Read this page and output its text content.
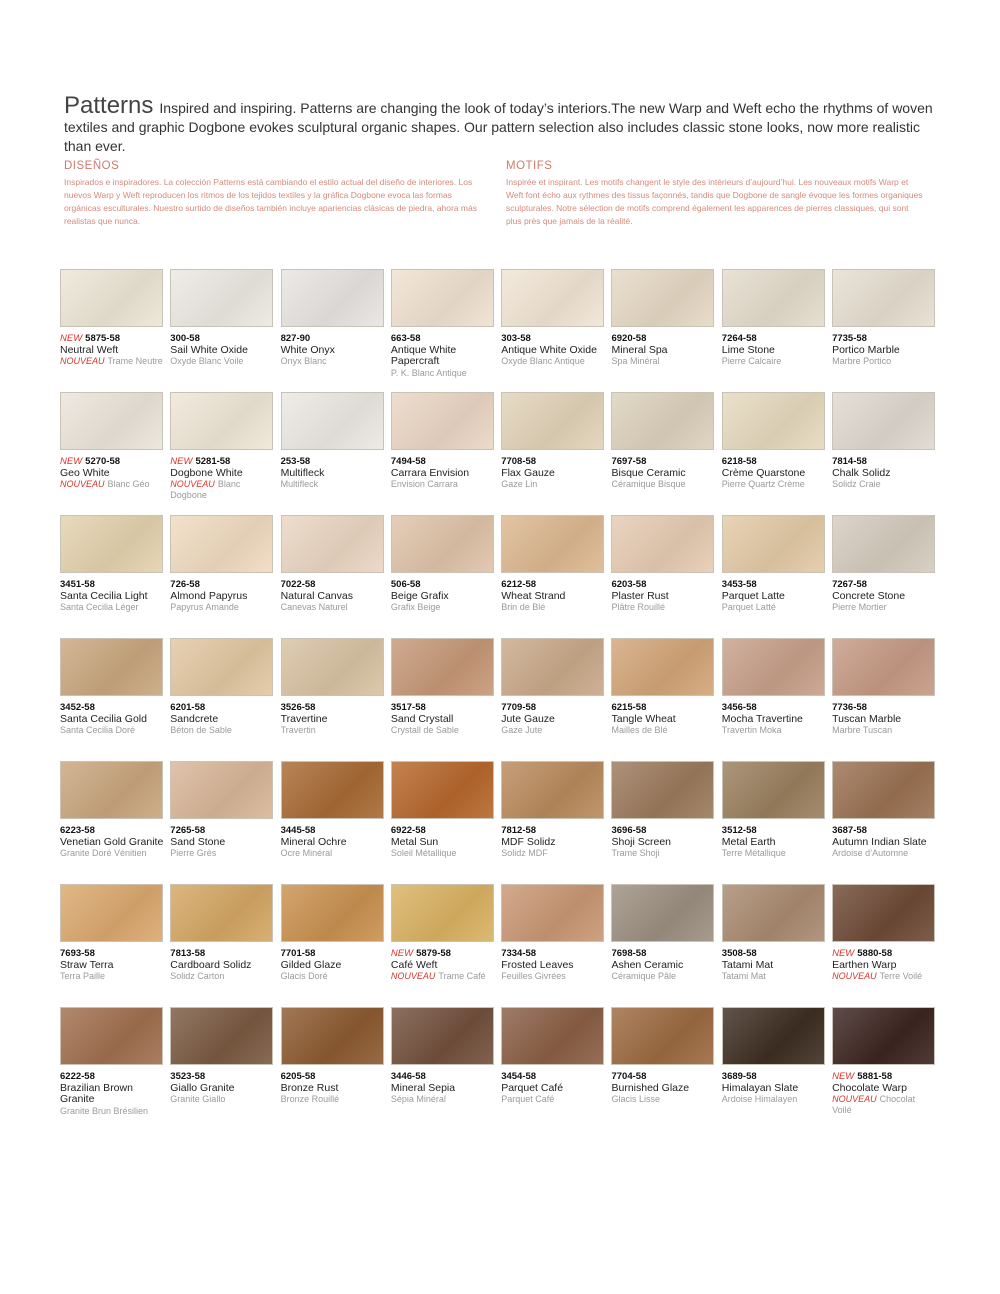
Patterns Inspired and inspiring. Patterns are changing the look of today’s interiors.The new Warp and Weft echo the rhythms of woven textiles and graphic Dogbone evokes sculptural organic shapes. Our pattern selection also includes classic stone looks, now more realistic than ever.
DISEÑOS
Inspirados e inspiradores. La colección Patterns está cambiando el estilo actual del diseño de interiores. Los nuevos Warp y Weft reproducen los ritmos de los tejidos textiles y la gráfica Dogbone evoca las formas orgánicas esculturales. Nuestro surtido de diseños también incluye apariencias clásicas de piedra, ahora más realistas que nunca.
MOTIFS
Inspirée et inspirant. Les motifs changent le style des intérieurs d’aujourd’hui. Les nouveaux motifs Warp et Weft font écho aux rythmes des tissus façonnés, tandis que Dogbone de sangle évoque les formes organiques sculpturales. Notre sélection de motifs comprend également les apparences de pierres classiques, qui sont plus près que jamais de la réalité.
NEW 5875-58
Neutral Weft
NOUVEAU Trame Neutre
300-58
Sail White Oxide
Oxyde Blanc Voile
827-90
White Onyx
Onyx Blanc
663-58
Antique White Papercraft
P. K. Blanc Antique
303-58
Antique White Oxide
Oxyde Blanc Antique
6920-58
Mineral Spa
Spa Minéral
7264-58
Lime Stone
Pierre Calcaire
7735-58
Portico Marble
Marbre Portico
NEW 5270-58
Geo White
NOUVEAU Blanc Géo
NEW 5281-58
Dogbone White
NOUVEAU Blanc Dogbone
253-58
Multifleck
Multifleck
7494-58
Carrara Envision
Envision Carrara
7708-58
Flax Gauze
Gaze Lin
7697-58
Bisque Ceramic
Céramique Bisque
6218-58
Crème Quarstone
Pierre Quartz Crème
7814-58
Chalk Solidz
Solidz Craie
3451-58
Santa Cecilia Light
Santa Cecilia Léger
726-58
Almond Papyrus
Papyrus Amande
7022-58
Natural Canvas
Canevas Naturel
506-58
Beige Grafix
Grafix Beige
6212-58
Wheat Strand
Brin de Blé
6203-58
Plaster Rust
Plâtre Rouillé
3453-58
Parquet Latte
Parquet Latté
7267-58
Concrete Stone
Pierre Mortier
3452-58
Santa Cecilia Gold
Santa Cecilia Doré
6201-58
Sandcrete
Béton de Sable
3526-58
Travertine
Travertin
3517-58
Sand Crystall
Crystall de Sable
7709-58
Jute Gauze
Gaze Jute
6215-58
Tangle Wheat
Mailles de Blé
3456-58
Mocha Travertine
Travertin Moka
7736-58
Tuscan Marble
Marbre Tuscan
6223-58
Venetian Gold Granite
Granite Doré Vénitien
7265-58
Sand Stone
Pierre Grès
3445-58
Mineral Ochre
Ocre Minéral
6922-58
Metal Sun
Soleil Métallique
7812-58
MDF Solidz
Solidz MDF
3696-58
Shoji Screen
Trame Shoji
3512-58
Metal Earth
Terre Métallique
3687-58
Autumn Indian Slate
Ardoise d’Automne
7693-58
Straw Terra
Terra Paille
7813-58
Cardboard Solidz
Solidz Carton
7701-58
Gilded Glaze
Glacis Doré
NEW 5879-58
Café Weft
NOUVEAU Trame Café
7334-58
Frosted Leaves
Feuilles Givrées
7698-58
Ashen Ceramic
Céramique Pâle
3508-58
Tatami Mat
Tatami Mat
NEW 5880-58
Earthen Warp
NOUVEAU Terre Voilé
6222-58
Brazilian Brown Granite
Granite Brun Brésilien
3523-58
Giallo Granite
Granite Giallo
6205-58
Bronze Rust
Bronze Rouillé
3446-58
Mineral Sepia
Sépia Minéral
3454-58
Parquet Café
Parquet Café
7704-58
Burnished Glaze
Glacis Lisse
3689-58
Himalayan Slate
Ardoise Himalayen
NEW 5881-58
Chocolate Warp
NOUVEAU Chocolat Voilé
